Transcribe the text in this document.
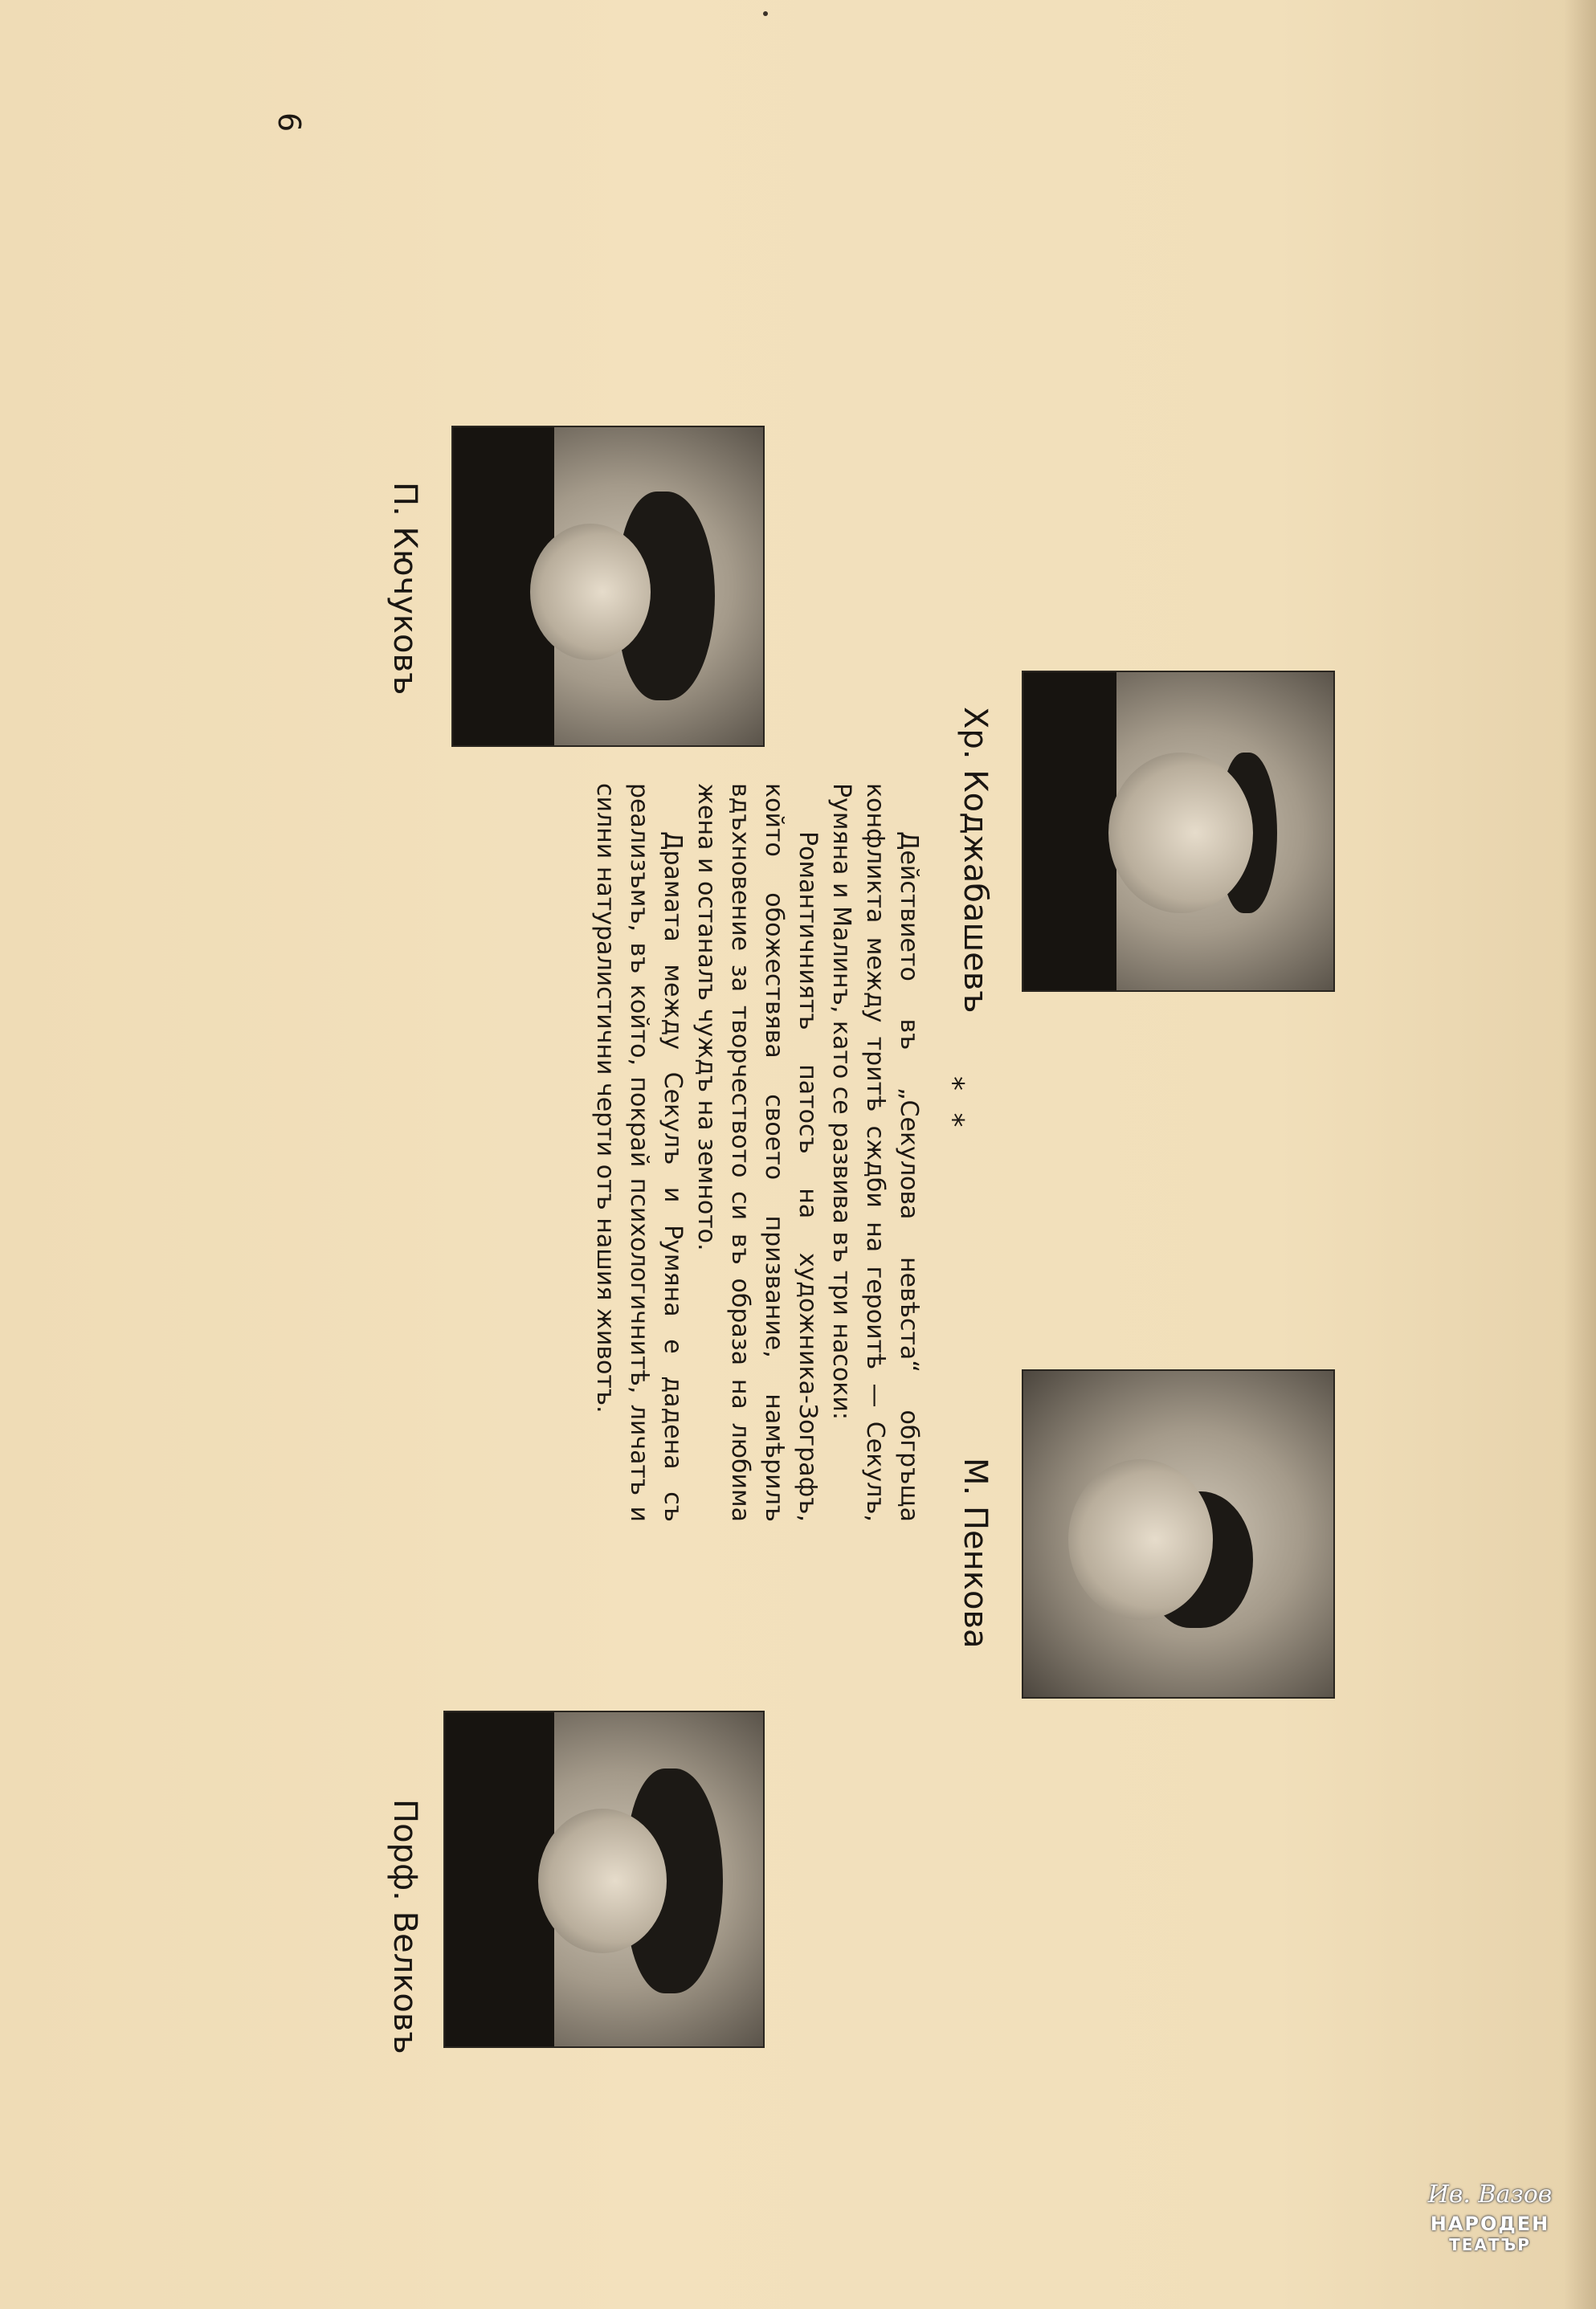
П. Кючуковъ
Хр. Коджабашевъ
М. Пенкова
Порф. Велковъ
* *

Действието въ „Секулова невѣста“ обгръща конфликта между тритѣ сждби на героитѣ — Секулъ, Румяна и Малинъ, като се развива въ три насоки:

Романтичниятъ патосъ на художника-Зографъ, който обожествява своето призвание, намѣрилъ вдъхновение за творчеството си въ образа на любима жена и останалъ чуждъ на земното.

Драмата между Секулъ и Румяна е дадена съ реализъмъ, въ който, покрай психологичнитѣ, личатъ и силни натуралистични черти отъ нашия животъ.

6
Ив. Вазов
НАРОДЕН
ТЕАТЪР
